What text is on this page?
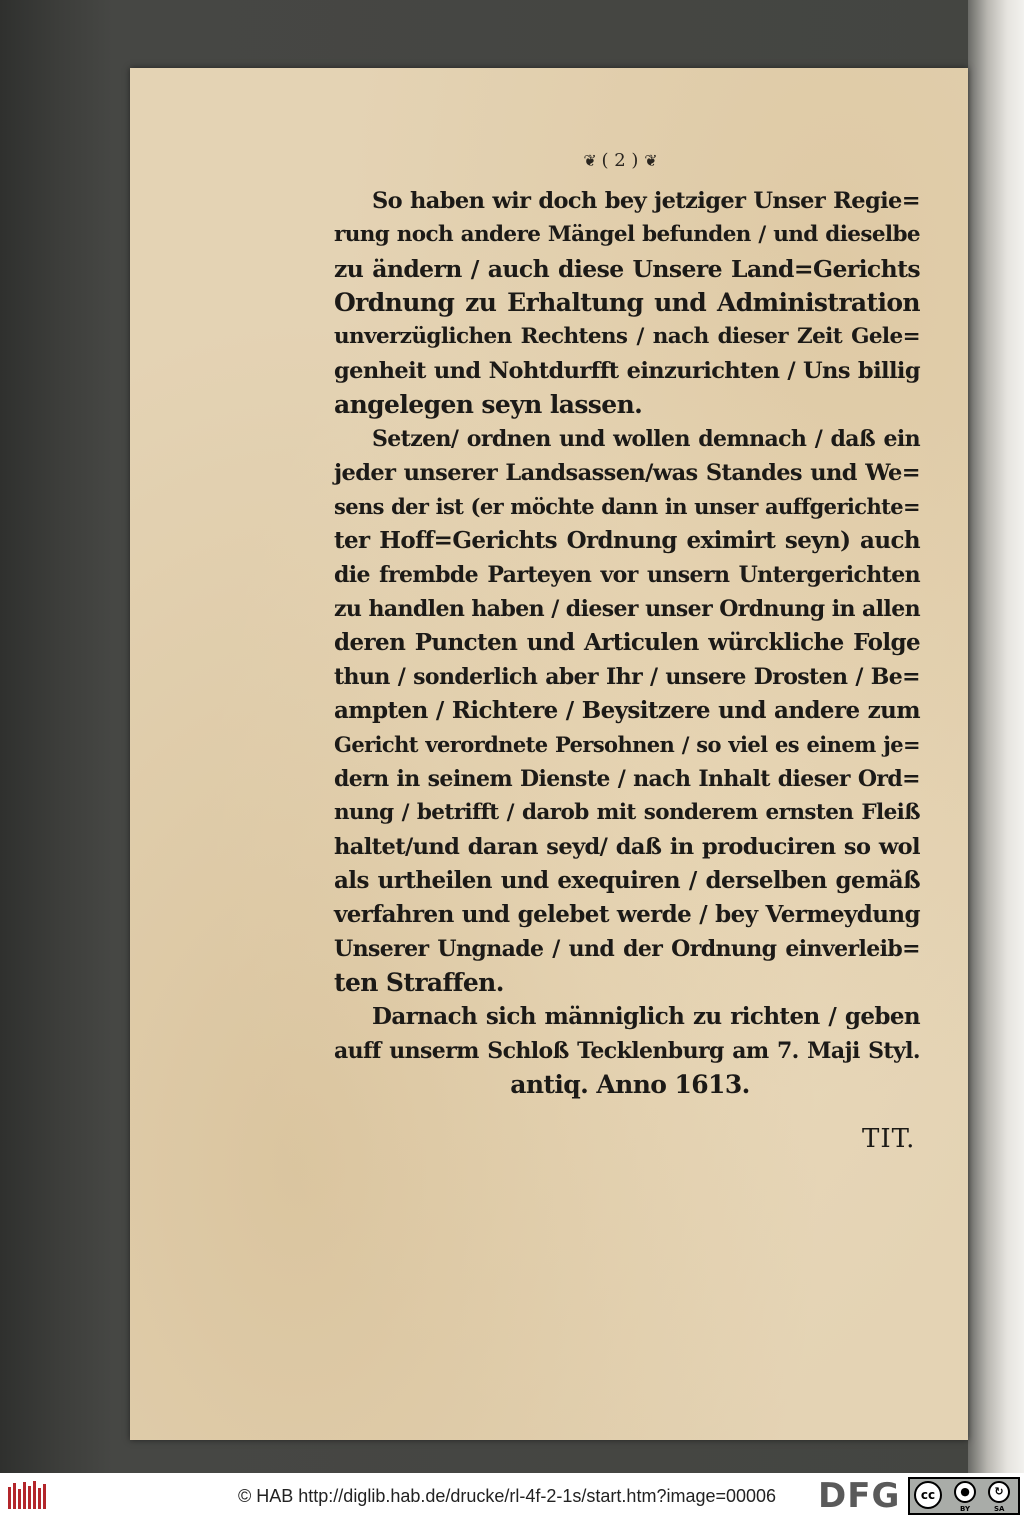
❦ ( 2 ) ❦
So haben wir doch bey jetziger Unser Regie=
rung noch andere Mängel befunden / und dieselbe
zu ändern / auch diese Unsere Land=Gerichts
Ordnung zu Erhaltung und Administration
unverzüglichen Rechtens / nach dieser Zeit Gele=
genheit und Nohtdurfft einzurichten / Uns billig
angelegen seyn lassen.
Setzen/ ordnen und wollen demnach / daß ein
jeder unserer Landsassen/was Standes und We=
sens der ist (er möchte dann in unser auffgerichte=
ter Hoff=Gerichts Ordnung eximirt seyn) auch
die frembde Parteyen vor unsern Untergerichten
zu handlen haben / dieser unser Ordnung in allen
deren Puncten und Articulen würckliche Folge
thun / sonderlich aber Ihr / unsere Drosten / Be=
ampten / Richtere / Beysitzere und andere zum
Gericht verordnete Persohnen / so viel es einem je=
dern in seinem Dienste / nach Inhalt dieser Ord=
nung / betrifft / darob mit sonderem ernsten Fleiß
haltet/und daran seyd/ daß in produciren so wol
als urtheilen und exequiren / derselben gemäß
verfahren und gelebet werde / bey Vermeydung
Unserer Ungnade / und der Ordnung einverleib=
ten Straffen.
Darnach sich männiglich zu richten / geben
auff unserm Schloß Tecklenburg am 7. Maji Styl.
antiq. Anno 1613.
TIT.
© HAB http://diglib.hab.de/drucke/rl-4f-2-1s/start.htm?image=00006 DFG	cc	●	↻
BY	SA
